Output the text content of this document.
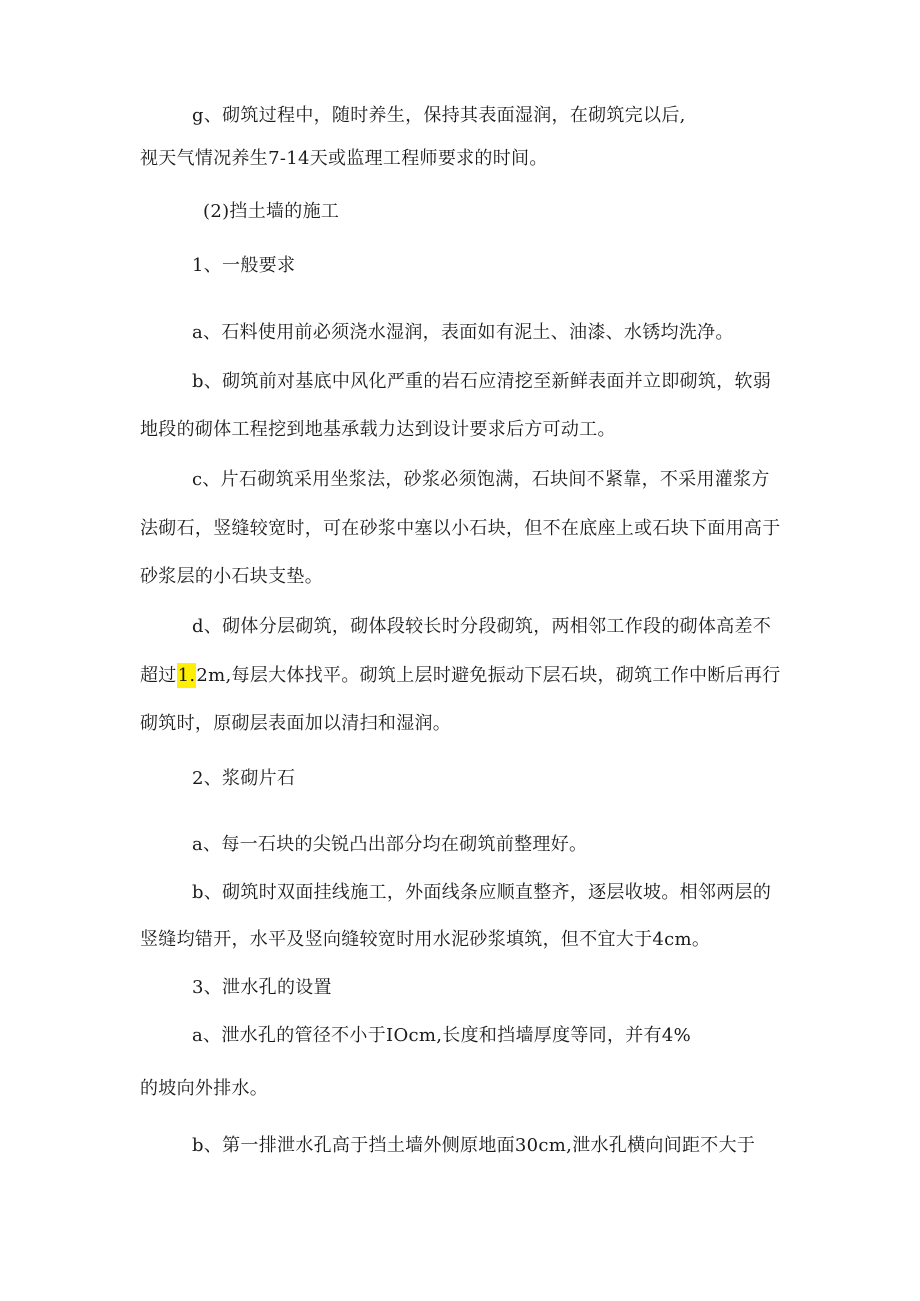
g、砌筑过程中，随时养生，保持其表面湿润，在砌筑完以后,
视天气情况养生7-14天或监理工程师要求的时间。
(2)挡土墙的施工
1、一般要求
a、石料使用前必须浇水湿润，表面如有泥土、油漆、水锈均洗净。
b、砌筑前对基底中风化严重的岩石应清挖至新鲜表面并立即砌筑，软弱
地段的砌体工程挖到地基承载力达到设计要求后方可动工。
c、片石砌筑采用坐浆法，砂浆必须饱满，石块间不紧靠，不采用灌浆方
法砌石，竖缝较宽时，可在砂浆中塞以小石块，但不在底座上或石块下面用高于
砂浆层的小石块支垫。
d、砌体分层砌筑，砌体段较长时分段砌筑，两相邻工作段的砌体高差不
超过1.2m,每层大体找平。砌筑上层时避免振动下层石块，砌筑工作中断后再行
砌筑时，原砌层表面加以清扫和湿润。
2、浆砌片石
a、每一石块的尖锐凸出部分均在砌筑前整理好。
b、砌筑时双面挂线施工，外面线条应顺直整齐，逐层收坡。相邻两层的
竖缝均错开，水平及竖向缝较宽时用水泥砂浆填筑，但不宜大于4cm。
3、泄水孔的设置
a、泄水孔的管径不小于IOcm,长度和挡墙厚度等同，并有4%
的坡向外排水。
b、第一排泄水孔高于挡土墙外侧原地面30cm,泄水孔横向间距不大于
